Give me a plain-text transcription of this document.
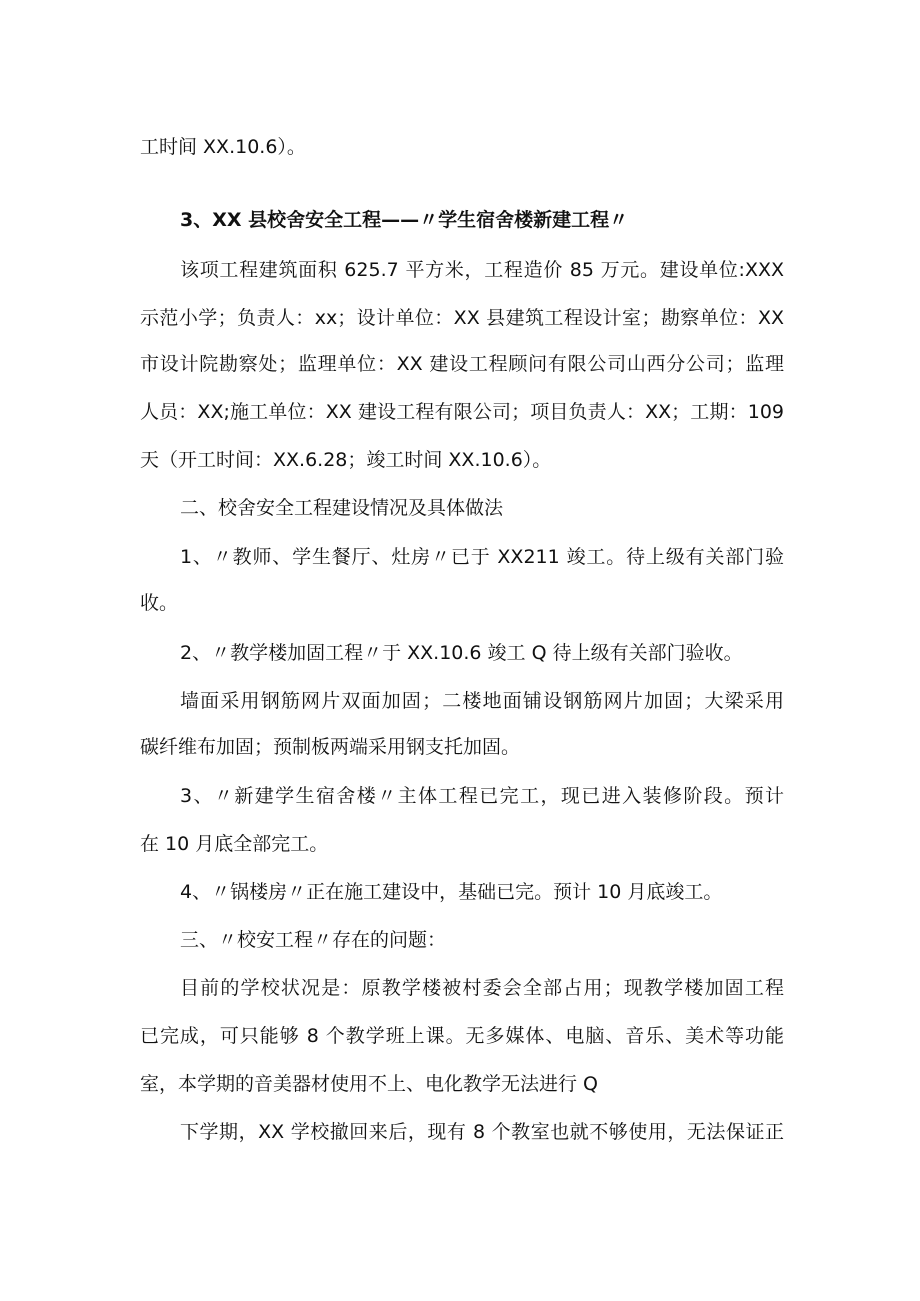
工时间 XX.10.6）。
3、XX 县校舍安全工程——〃学生宿舍楼新建工程〃
该项工程建筑面积 625.7 平方米，工程造价 85 万元。建设单位:XXX
示范小学；负责人：xx；设计单位：XX 县建筑工程设计室；勘察单位：XX
市设计院勘察处；监理单位：XX 建设工程顾问有限公司山西分公司；监理
人员：XX;施工单位：XX 建设工程有限公司；项目负责人：XX；工期：109
天（开工时间：XX.6.28；竣工时间 XX.10.6）。
二、校舍安全工程建设情况及具体做法
1、〃教师、学生餐厅、灶房〃已于 XX211 竣工。待上级有关部门验
收。
2、〃教学楼加固工程〃于 XX.10.6 竣工 Q 待上级有关部门验收。
墙面采用钢筋网片双面加固；二楼地面铺设钢筋网片加固；大梁采用
碳纤维布加固；预制板两端采用钢支托加固。
3、〃新建学生宿舍楼〃主体工程已完工，现已进入装修阶段。预计
在 10 月底全部完工。
4、〃锅楼房〃正在施工建设中，基础已完。预计 10 月底竣工。
三、〃校安工程〃存在的问题：
目前的学校状况是：原教学楼被村委会全部占用；现教学楼加固工程
已完成，可只能够 8 个教学班上课。无多媒体、电脑、音乐、美术等功能
室，本学期的音美器材使用不上、电化教学无法进行 Q
下学期，XX 学校撤回来后，现有 8 个教室也就不够使用，无法保证正
